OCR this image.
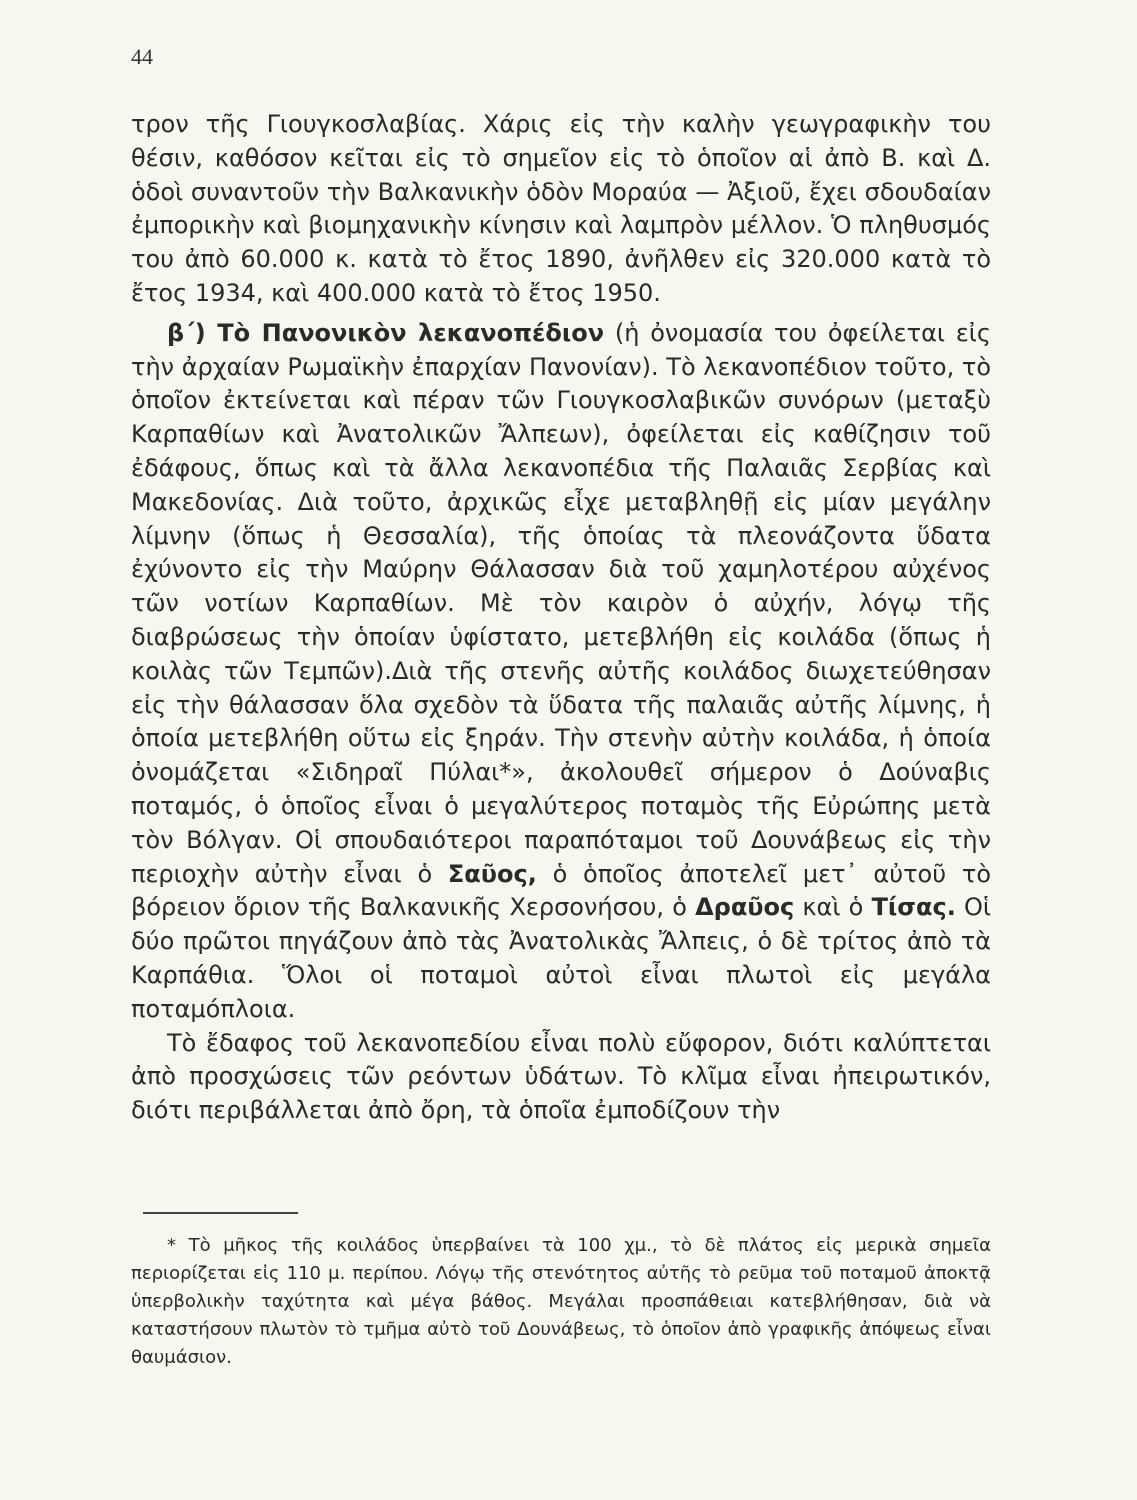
44

τρον τῆς Γιουγκοσλαβίας. Χάρις εἰς τὴν καλὴν γεωγραφικὴν του θέσιν, καθόσον κεῖται εἰς τὸ σημεῖον εἰς τὸ ὁποῖον αἱ ἀπὸ Β. καὶ Δ. ὁδοὶ συναντοῦν τὴν Βαλκανικὴν ὁδὸν Μοραύα — Ἀξιοῦ, ἔχει σδουδαίαν ἐμπορικὴν καὶ βιομηχανικὴν κίνησιν καὶ λαμπρὸν μέλλον. Ὁ πληθυσμός του ἀπὸ 60.000 κ. κατὰ τὸ ἔτος 1890, ἀνῆλθεν εἰς 320.000 κατὰ τὸ ἔτος 1934, καὶ 400.000 κατὰ τὸ ἔτος 1950.

β΄) Τὸ Πανονικὸν λεκανοπέδιον (ἡ ὀνομασία του ὀφείλεται εἰς τὴν ἀρχαίαν Ρωμαϊκὴν ἐπαρχίαν Πανονίαν). Τὸ λεκανοπέδιον τοῦτο, τὸ ὁποῖον ἐκτείνεται καὶ πέραν τῶν Γιουγκοσλαβικῶν συνόρων (μεταξὺ Καρπαθίων καὶ Ἀνατολικῶν Ἄλπεων), ὀφείλεται εἰς καθίζησιν τοῦ ἐδάφους, ὅπως καὶ τὰ ἄλλα λεκανοπέδια τῆς Παλαιᾶς Σερβίας καὶ Μακεδονίας. Διὰ τοῦτο, ἀρχικῶς εἶχε μεταβληθῇ εἰς μίαν μεγάλην λίμνην (ὅπως ἡ Θεσσαλία), τῆς ὁποίας τὰ πλεονάζοντα ὕδατα ἐχύνοντο εἰς τὴν Μαύρην Θάλασσαν διὰ τοῦ χαμηλοτέρου αὐχένος τῶν νοτίων Καρπαθίων. Μὲ τὸν καιρὸν ὁ αὐχήν, λόγῳ τῆς διαβρώσεως τὴν ὁποίαν ὑφίστατο, μετεβλήθη εἰς κοιλάδα (ὅπως ἡ κοιλὰς τῶν Τεμπῶν).Διὰ τῆς στενῆς αὐτῆς κοιλάδος διωχετεύθησαν εἰς τὴν θάλασσαν ὅλα σχεδὸν τὰ ὕδατα τῆς παλαιᾶς αὐτῆς λίμνης, ἡ ὁποία μετεβλήθη οὕτω εἰς ξηράν. Τὴν στενὴν αὐτὴν κοιλάδα, ἡ ὁποία ὀνομάζεται «Σιδηραῖ Πύλαι*», ἀκολουθεῖ σήμερον ὁ Δούναβις ποταμός, ὁ ὁποῖος εἶναι ὁ μεγαλύτερος ποταμὸς τῆς Εὐρώπης μετὰ τὸν Βόλγαν. Οἱ σπουδαιότεροι παραπόταμοι τοῦ Δουνάβεως εἰς τὴν περιοχὴν αὐτὴν εἶναι ὁ Σαῦος, ὁ ὁποῖος ἀποτελεῖ μετ᾽ αὐτοῦ τὸ βόρειον ὅριον τῆς Βαλκανικῆς Χερσονήσου, ὁ Δραῦος καὶ ὁ Τίσας. Οἱ δύο πρῶτοι πηγάζουν ἀπὸ τὰς Ἀνατολικὰς Ἄλπεις, ὁ δὲ τρίτος ἀπὸ τὰ Καρπάθια. Ὅλοι οἱ ποταμοὶ αὐτοὶ εἶναι πλωτοὶ εἰς μεγάλα ποταμόπλοια.

Τὸ ἔδαφος τοῦ λεκανοπεδίου εἶναι πολὺ εὔφορον, διότι καλύπτεται ἀπὸ προσχώσεις τῶν ρεόντων ὑδάτων. Τὸ κλῖμα εἶναι ἠπειρωτικόν, διότι περιβάλλεται ἀπὸ ὄρη, τὰ ὁποῖα ἐμποδίζουν τὴν

* Τὸ μῆκος τῆς κοιλάδος ὑπερβαίνει τὰ 100 χμ., τὸ δὲ πλάτος εἰς μερικὰ σημεῖα περιορίζεται εἰς 110 μ. περίπου. Λόγῳ τῆς στενότητος αὐτῆς τὸ ρεῦμα τοῦ ποταμοῦ ἀποκτᾷ ὑπερβολικὴν ταχύτητα καὶ μέγα βάθος. Μεγάλαι προσπάθειαι κατεβλήθησαν, διὰ νὰ καταστήσουν πλωτὸν τὸ τμῆμα αὐτὸ τοῦ Δουνάβεως, τὸ ὁποῖον ἀπὸ γραφικῆς ἀπόψεως εἶναι θαυμάσιον.
